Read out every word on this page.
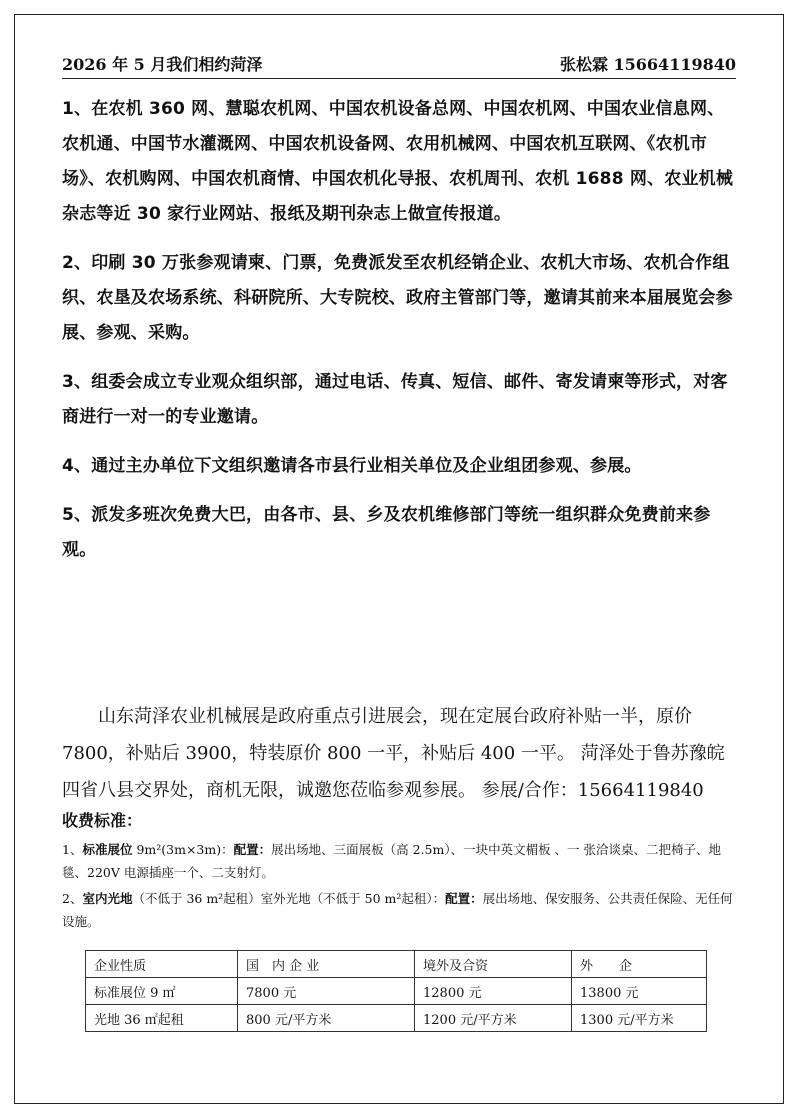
2026 年 5 月我们相约菏泽	张松霖 15664119840

1、在农机 360 网、慧聪农机网、中国农机设备总网、中国农机网、中国农业信息网、农机通、中国节水灌溉网、中国农机设备网、农用机械网、中国农机互联网、《农机市场》、农机购网、中国农机商情、中国农机化导报、农机周刊、农机 1688 网、农业机械杂志等近 30 家行业网站、报纸及期刊杂志上做宣传报道。

2、印刷 30 万张参观请柬、门票，免费派发至农机经销企业、农机大市场、农机合作组织、农垦及农场系统、科研院所、大专院校、政府主管部门等，邀请其前来本届展览会参展、参观、采购。

3、组委会成立专业观众组织部，通过电话、传真、短信、邮件、寄发请柬等形式，对客商进行一对一的专业邀请。

4、通过主办单位下文组织邀请各市县行业相关单位及企业组团参观、参展。

5、派发多班次免费大巴，由各市、县、乡及农机维修部门等统一组织群众免费前来参观。

山东菏泽农业机械展是政府重点引进展会，现在定展台政府补贴一半，原价 7800，补贴后 3900，特装原价 800 一平，补贴后 400 一平。 菏泽处于鲁苏豫皖四省八县交界处，商机无限，诚邀您莅临参观参展。 参展/合作：15664119840

收费标准：
1、标准展位 9m²(3m×3m)：配置：展出场地、三面展板（高 2.5m）、一块中英文楣板 、一 张洽谈桌、二把椅子、地毯、220V 电源插座一个、二支射灯。
2、室内光地（不低于 36 m²起租）室外光地（不低于 50 m²起租）：配置：展出场地、保安服务、公共责任保险、无任何设施。
企业性质	国　内 企 业	境外及合资	外　　企
标准展位 9 ㎡	7800 元	12800 元	13800 元
光地 36 ㎡起租	800 元/平方米	1200 元/平方米	1300 元/平方米
